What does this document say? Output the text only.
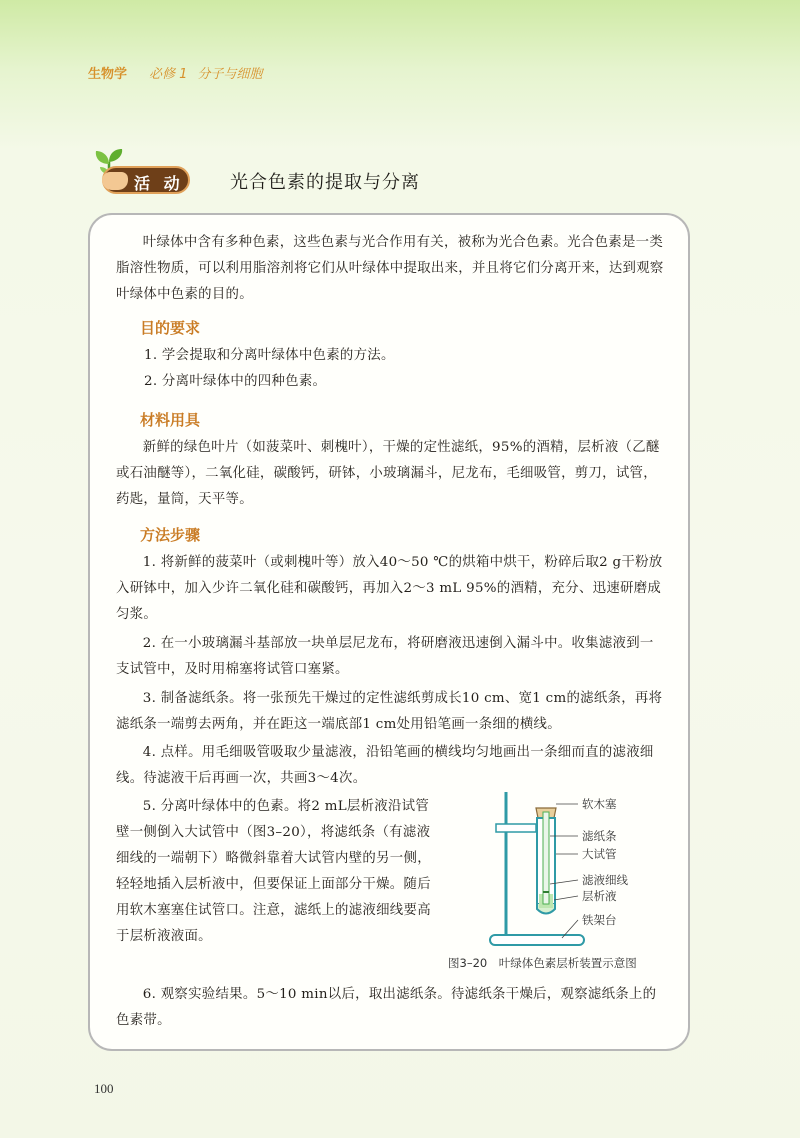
生物学 必修 1 分子与细胞
活 动	光合色素的提取与分离
叶绿体中含有多种色素，这些色素与光合作用有关，被称为光合色素。光合色素是一类脂溶性物质，可以利用脂溶剂将它们从叶绿体中提取出来，并且将它们分离开来，达到观察叶绿体中色素的目的。
目的要求
1. 学会提取和分离叶绿体中色素的方法。
2. 分离叶绿体中的四种色素。
材料用具
新鲜的绿色叶片（如菠菜叶、刺槐叶），干燥的定性滤纸，95%的酒精，层析液（乙醚或石油醚等），二氧化硅，碳酸钙，研钵，小玻璃漏斗，尼龙布，毛细吸管，剪刀，试管，药匙，量筒，天平等。
方法步骤
1. 将新鲜的菠菜叶（或刺槐叶等）放入40～50 ℃的烘箱中烘干，粉碎后取2 g干粉放入研钵中，加入少许二氧化硅和碳酸钙，再加入2～3 mL 95%的酒精，充分、迅速研磨成匀浆。
2. 在一小玻璃漏斗基部放一块单层尼龙布，将研磨液迅速倒入漏斗中。收集滤液到一支试管中，及时用棉塞将试管口塞紧。
3. 制备滤纸条。将一张预先干燥过的定性滤纸剪成长10 cm、宽1 cm的滤纸条，再将滤纸条一端剪去两角，并在距这一端底部1 cm处用铅笔画一条细的横线。
4. 点样。用毛细吸管吸取少量滤液，沿铅笔画的横线均匀地画出一条细而直的滤液细线。待滤液干后再画一次，共画3～4次。
5. 分离叶绿体中的色素。将2 mL层析液沿试管壁一侧倒入大试管中（图3–20），将滤纸条（有滤液细线的一端朝下）略微斜靠着大试管内壁的另一侧，轻轻地插入层析液中，但要保证上面部分干燥。随后用软木塞塞住试管口。注意，滤纸上的滤液细线要高于层析液液面。
6. 观察实验结果。5～10 min以后，取出滤纸条。待滤纸条干燥后，观察滤纸条上的色素带。
软木塞
滤纸条
大试管
滤液细线
层析液
铁架台
图3–20　叶绿体色素层析装置示意图
100
